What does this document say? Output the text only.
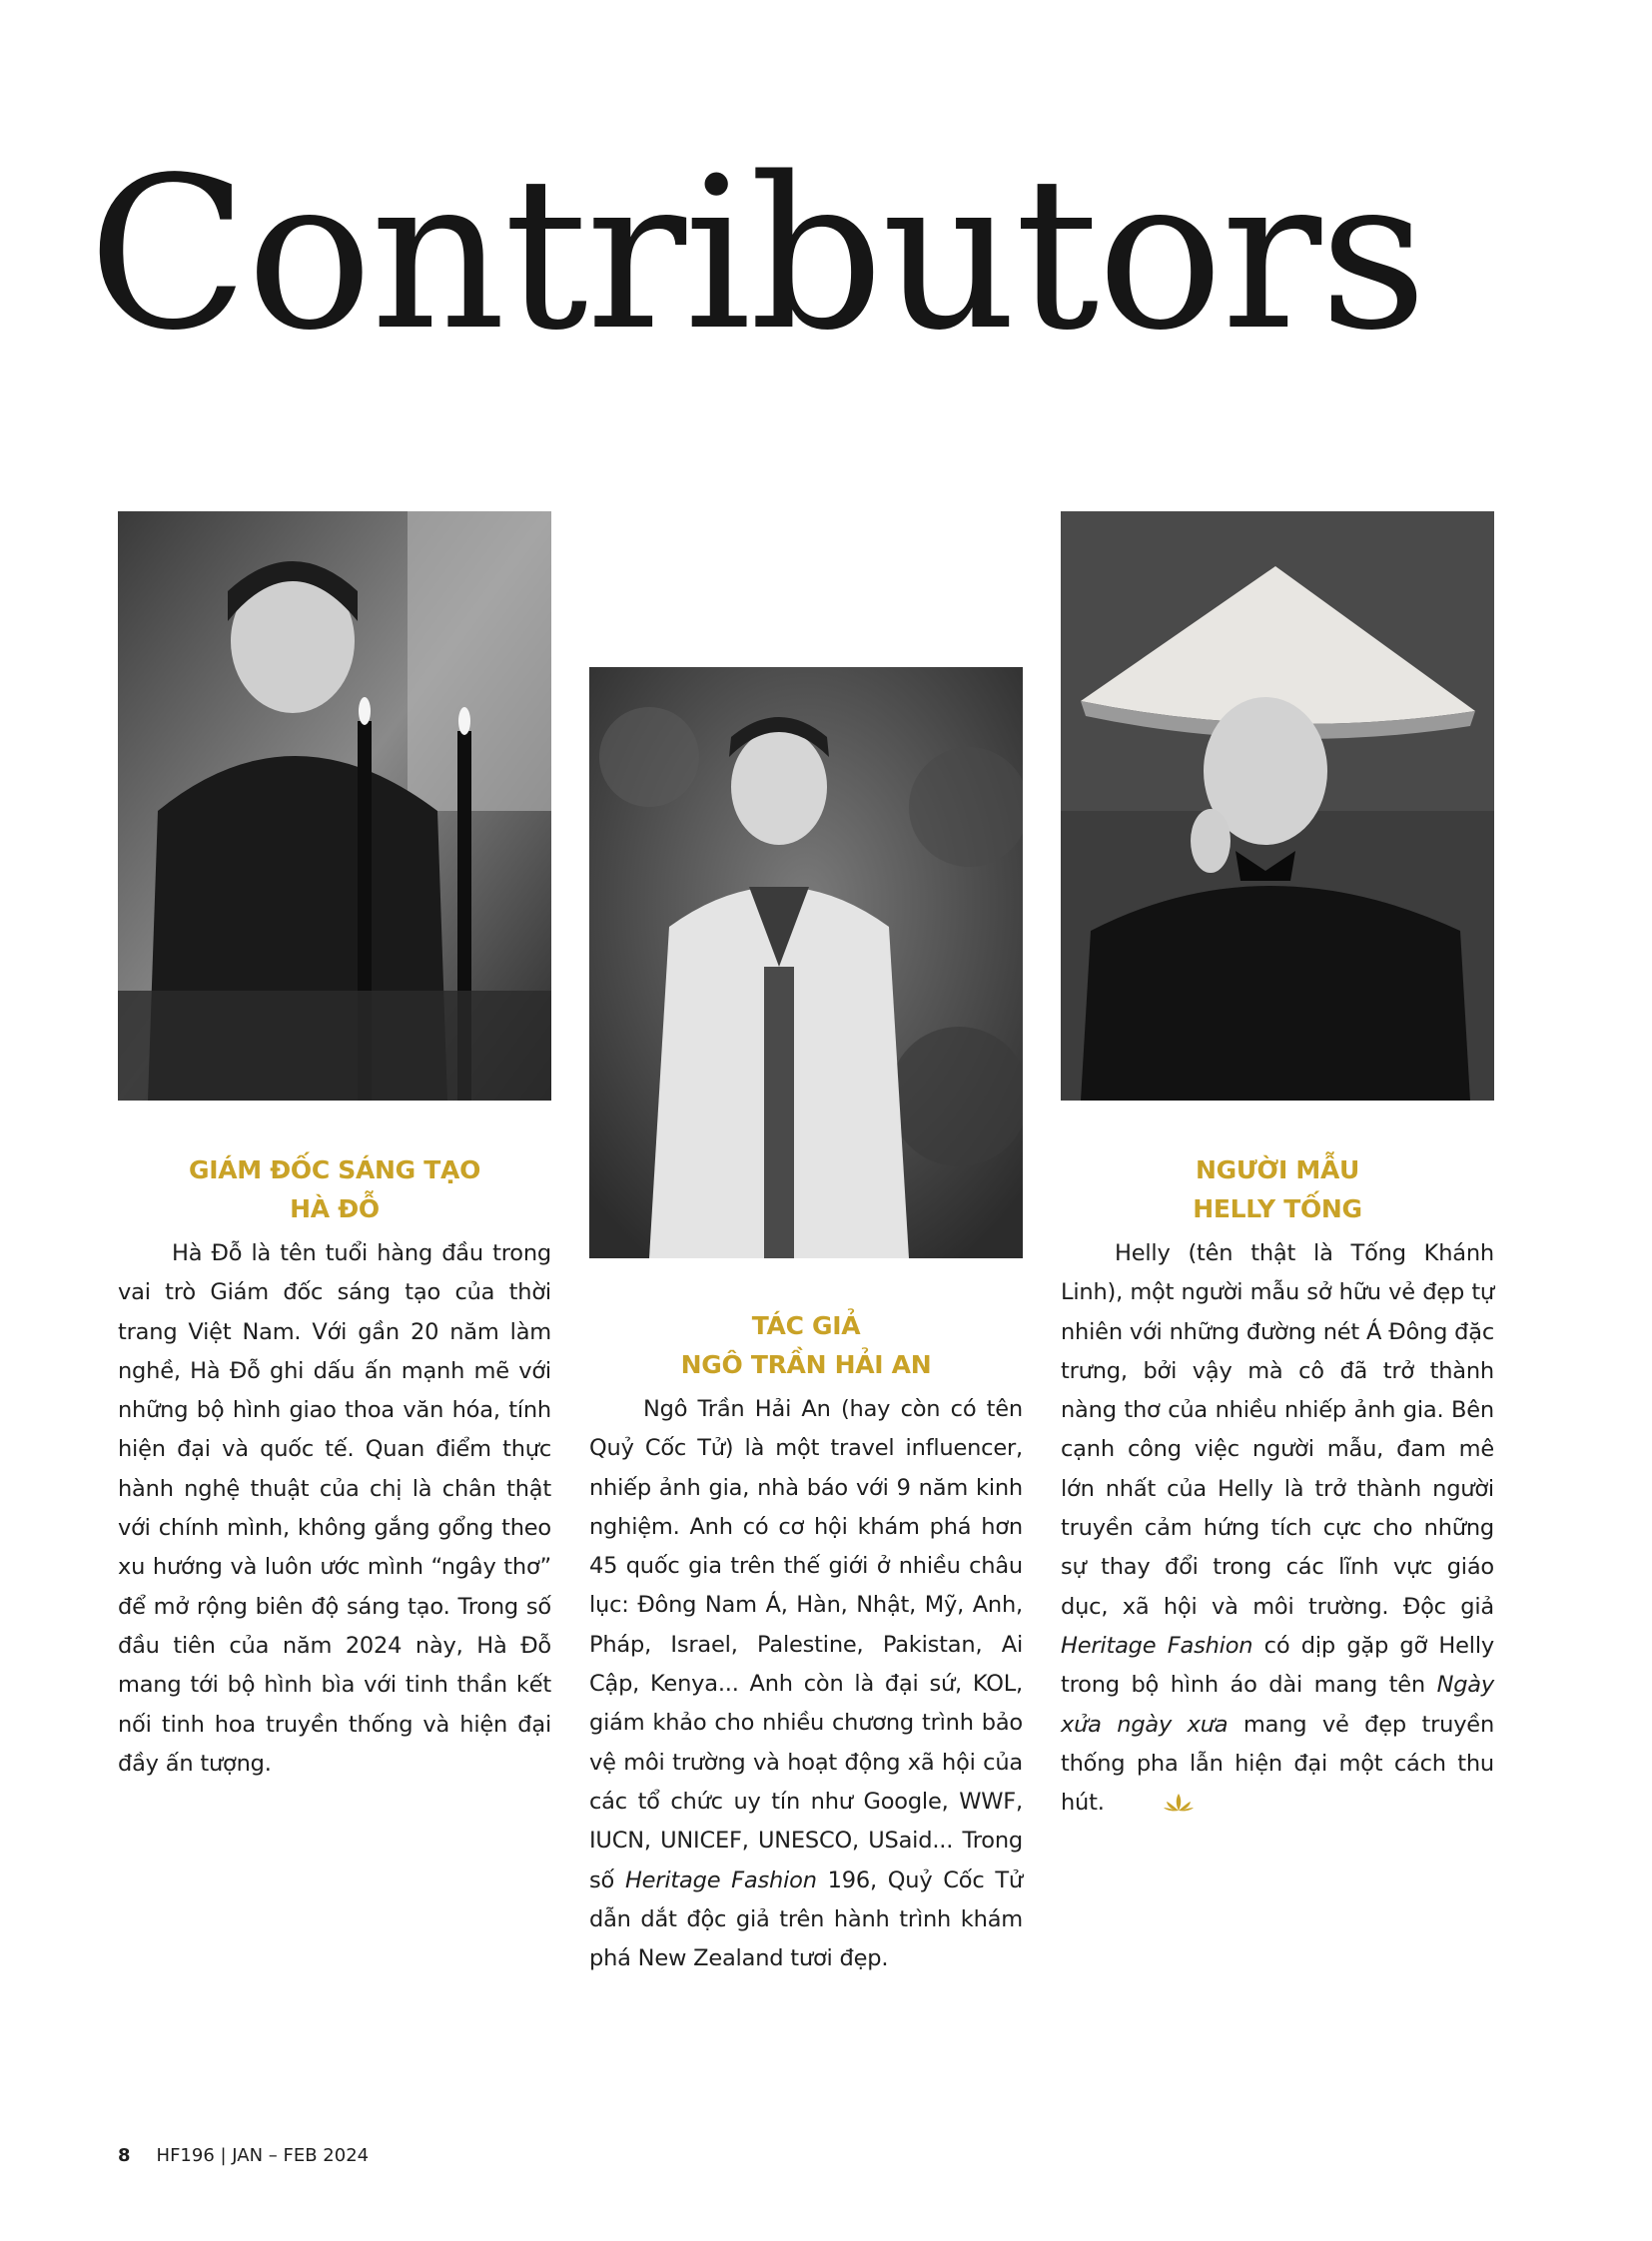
Contributors
GIÁM ĐỐC SÁNG TẠO
HÀ ĐỖ
Hà Đỗ là tên tuổi hàng đầu trong vai trò Giám đốc sáng tạo của thời trang Việt Nam. Với gần 20 năm làm nghề, Hà Đỗ ghi dấu ấn mạnh mẽ với những bộ hình giao thoa văn hóa, tính hiện đại và quốc tế. Quan điểm thực hành nghệ thuật của chị là chân thật với chính mình, không gắng gổng theo xu hướng và luôn ước mình “ngây thơ” để mở rộng biên độ sáng tạo. Trong số đầu tiên của năm 2024 này, Hà Đỗ mang tới bộ hình bìa với tinh thần kết nối tinh hoa truyền thống và hiện đại đầy ấn tượng.
TÁC GIẢ
NGÔ TRẦN HẢI AN
Ngô Trần Hải An (hay còn có tên Quỷ Cốc Tử) là một travel influencer, nhiếp ảnh gia, nhà báo với 9 năm kinh nghiệm. Anh có cơ hội khám phá hơn 45 quốc gia trên thế giới ở nhiều châu lục: Đông Nam Á, Hàn, Nhật, Mỹ, Anh, Pháp, Israel, Palestine, Pakistan, Ai Cập, Kenya... Anh còn là đại sứ, KOL, giám khảo cho nhiều chương trình bảo vệ môi trường và hoạt động xã hội của các tổ chức uy tín như Google, WWF, IUCN, UNICEF, UNESCO, USaid... Trong số Heritage Fashion 196, Quỷ Cốc Tử dẫn dắt độc giả trên hành trình khám phá New Zealand tươi đẹp.
NGƯỜI MẪU
HELLY TỐNG
Helly (tên thật là Tống Khánh Linh), một người mẫu sở hữu vẻ đẹp tự nhiên với những đường nét Á Đông đặc trưng, bởi vậy mà cô đã trở thành nàng thơ của nhiều nhiếp ảnh gia. Bên cạnh công việc người mẫu, đam mê lớn nhất của Helly là trở thành người truyền cảm hứng tích cực cho những sự thay đổi trong các lĩnh vực giáo dục, xã hội và môi trường. Độc giả Heritage Fashion có dịp gặp gỡ Helly trong bộ hình áo dài mang tên Ngày xửa ngày xưa mang vẻ đẹp truyền thống pha lẫn hiện đại một cách thu hút.
8 HF196 | JAN – FEB 2024
